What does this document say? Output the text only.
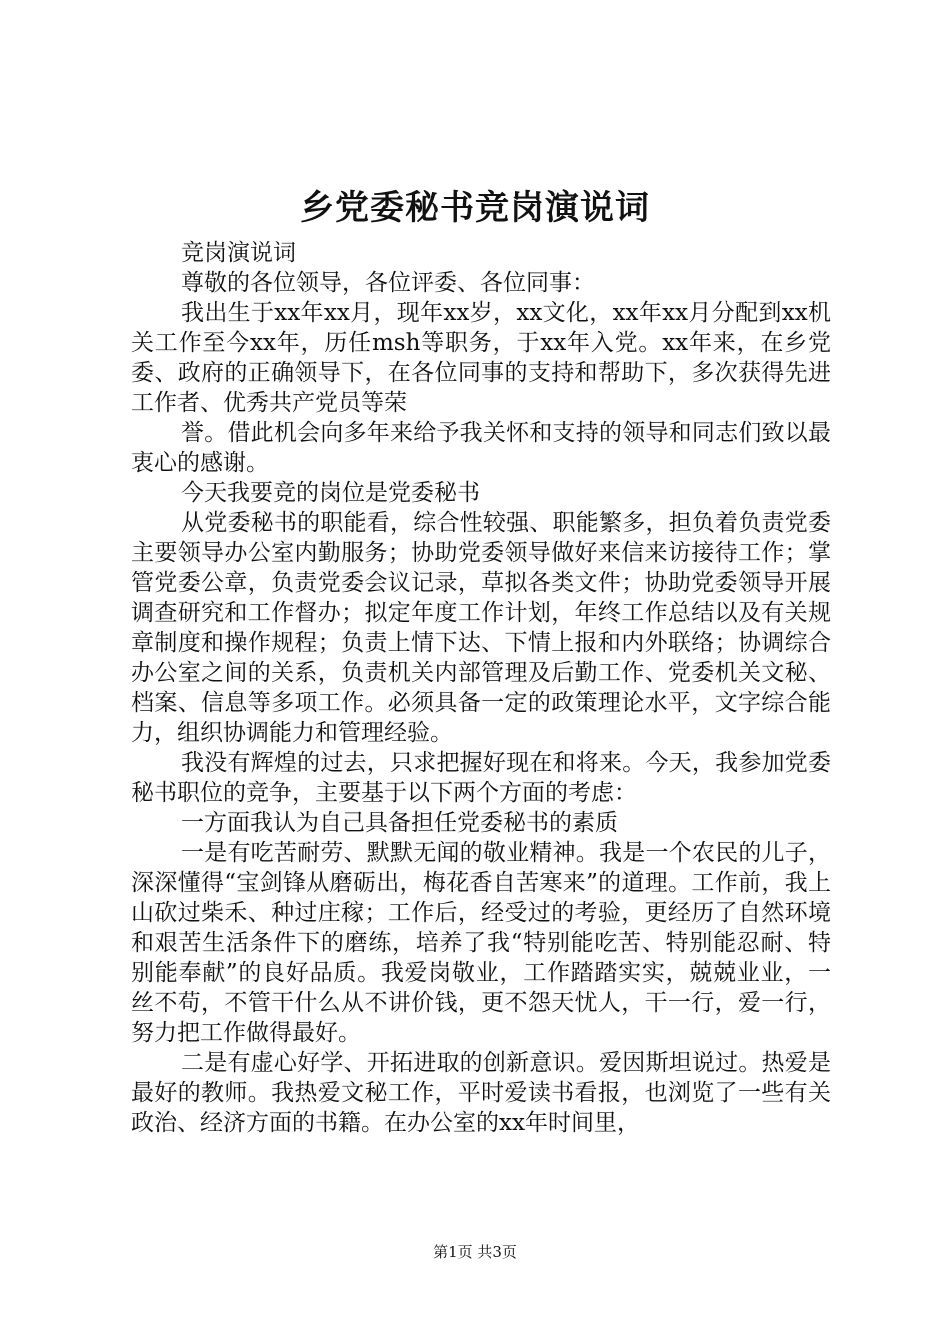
乡党委秘书竞岗演说词

竞岗演说词

尊敬的各位领导，各位评委、各位同事：

我出生于xx年xx月，现年xx岁，xx文化，xx年xx月分配到xx机关工作至今xx年，历任msh等职务，于xx年入党。xx年来，在乡党委、政府的正确领导下，在各位同事的支持和帮助下，多次获得先进工作者、优秀共产党员等荣

誉。借此机会向多年来给予我关怀和支持的领导和同志们致以最衷心的感谢。

今天我要竞的岗位是党委秘书

从党委秘书的职能看，综合性较强、职能繁多，担负着负责党委主要领导办公室内勤服务；协助党委领导做好来信来访接待工作；掌管党委公章，负责党委会议记录，草拟各类文件；协助党委领导开展调查研究和工作督办；拟定年度工作计划，年终工作总结以及有关规章制度和操作规程；负责上情下达、下情上报和内外联络；协调综合办公室之间的关系，负责机关内部管理及后勤工作、党委机关文秘、档案、信息等多项工作。必须具备一定的政策理论水平，文字综合能力，组织协调能力和管理经验。

我没有辉煌的过去，只求把握好现在和将来。今天，我参加党委秘书职位的竞争，主要基于以下两个方面的考虑：

一方面我认为自己具备担任党委秘书的素质

一是有吃苦耐劳、默默无闻的敬业精神。我是一个农民的儿子，深深懂得“宝剑锋从磨砺出，梅花香自苦寒来”的道理。工作前，我上山砍过柴禾、种过庄稼；工作后，经受过的考验，更经历了自然环境和艰苦生活条件下的磨练，培养了我“特别能吃苦、特别能忍耐、特别能奉献”的良好品质。我爱岗敬业，工作踏踏实实，兢兢业业，一丝不苟，不管干什么从不讲价钱，更不怨天忧人，干一行，爱一行，努力把工作做得最好。

二是有虚心好学、开拓进取的创新意识。爱因斯坦说过。热爱是最好的教师。我热爱文秘工作，平时爱读书看报，也浏览了一些有关政治、经济方面的书籍。在办公室的xx年时间里，

第1页 共3页
